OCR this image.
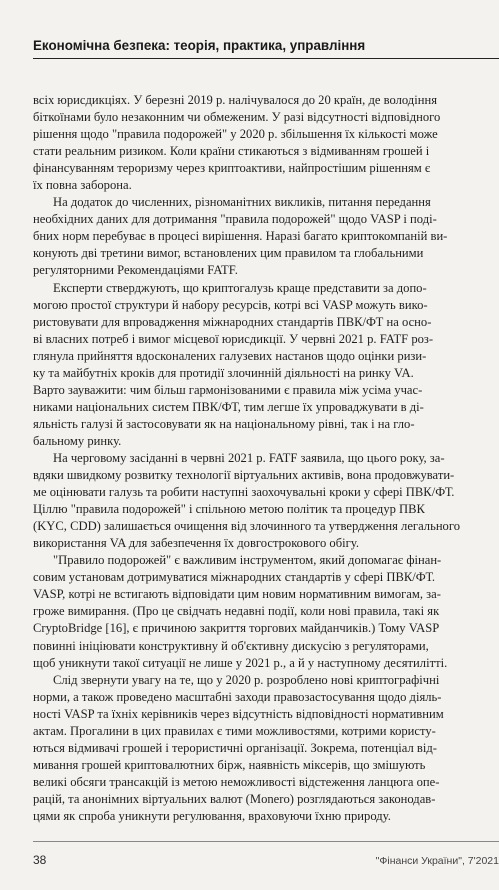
Економічна безпека: теорія, практика, управління
всіх юрисдикціях. У березні 2019 р. налічувалося до 20 країн, де володіння
біткоїнами було незаконним чи обмеженим. У разі відсутності відповідного
рішення щодо "правила подорожей" у 2020 р. збільшення їх кількості може
стати реальним ризиком. Коли країни стикаються з відмиванням грошей і
фінансуванням тероризму через криптоактиви, найпростішим рішенням є
їх повна заборона.
На додаток до численних, різноманітних викликів, питання передання
необхідних даних для дотримання "правила подорожей" щодо VASP і поді-
бних норм перебуває в процесі вирішення. Наразі багато криптокомпаній ви-
конують дві третини вимог, встановлених цим правилом та глобальними
регуляторними Рекомендаціями FATF.
Експерти стверджують, що криптогалузь краще представити за допо-
могою простої структури й набору ресурсів, котрі всі VASP можуть вико-
ристовувати для впровадження міжнародних стандартів ПВК/ФТ на осно-
ві власних потреб і вимог місцевої юрисдикції. У червні 2021 р. FATF роз-
глянула прийняття вдосконалених галузевих настанов щодо оцінки ризи-
ку та майбутніх кроків для протидії злочинній діяльності на ринку VA.
Варто зауважити: чим більш гармонізованими є правила між усіма учас-
никами національних систем ПВК/ФТ, тим легше їх упроваджувати в ді-
яльність галузі й застосовувати як на національному рівні, так і на гло-
бальному ринку.
На черговому засіданні в червні 2021 р. FATF заявила, що цього року, за-
вдяки швидкому розвитку технології віртуальних активів, вона продовжувати-
ме оцінювати галузь та робити наступні заохочувальні кроки у сфері ПВК/ФТ.
Ціллю "правила подорожей" і спільною метою політик та процедур ПВК
(KYC, CDD) залишається очищення від злочинного та утвердження легального
використання VA для забезпечення їх довгострокового обігу.
"Правило подорожей" є важливим інструментом, який допомагає фінан-
совим установам дотримуватися міжнародних стандартів у сфері ПВК/ФТ.
VASP, котрі не встигають відповідати цим новим нормативним вимогам, за-
гроже вимирання. (Про це свідчать недавні події, коли нові правила, такі як
CryptoBridge [16], є причиною закриття торгових майданчиків.) Тому VASP
повинні ініціювати конструктивну й об'єктивну дискусію з регуляторами,
щоб уникнути такої ситуації не лише у 2021 р., а й у наступному десятилітті.
Слід звернути увагу на те, що у 2020 р. розроблено нові криптографічні
норми, а також проведено масштабні заходи правозастосування щодо діяль-
ності VASP та їхніх керівників через відсутність відповідності нормативним
актам. Прогалини в цих правилах є тими можливостями, котрими користу-
ються відмивачі грошей і терористичні організації. Зокрема, потенціал від-
мивання грошей криптовалютних бірж, наявність міксерів, що змішують
великі обсяги трансакцій із метою неможливості відстеження ланцюга опе-
рацій, та анонімних віртуальних валют (Monero) розглядаються законодав-
цями як спроба уникнути регулювання, враховуючи їхню природу.
38	"Фінанси України", 7'2021
